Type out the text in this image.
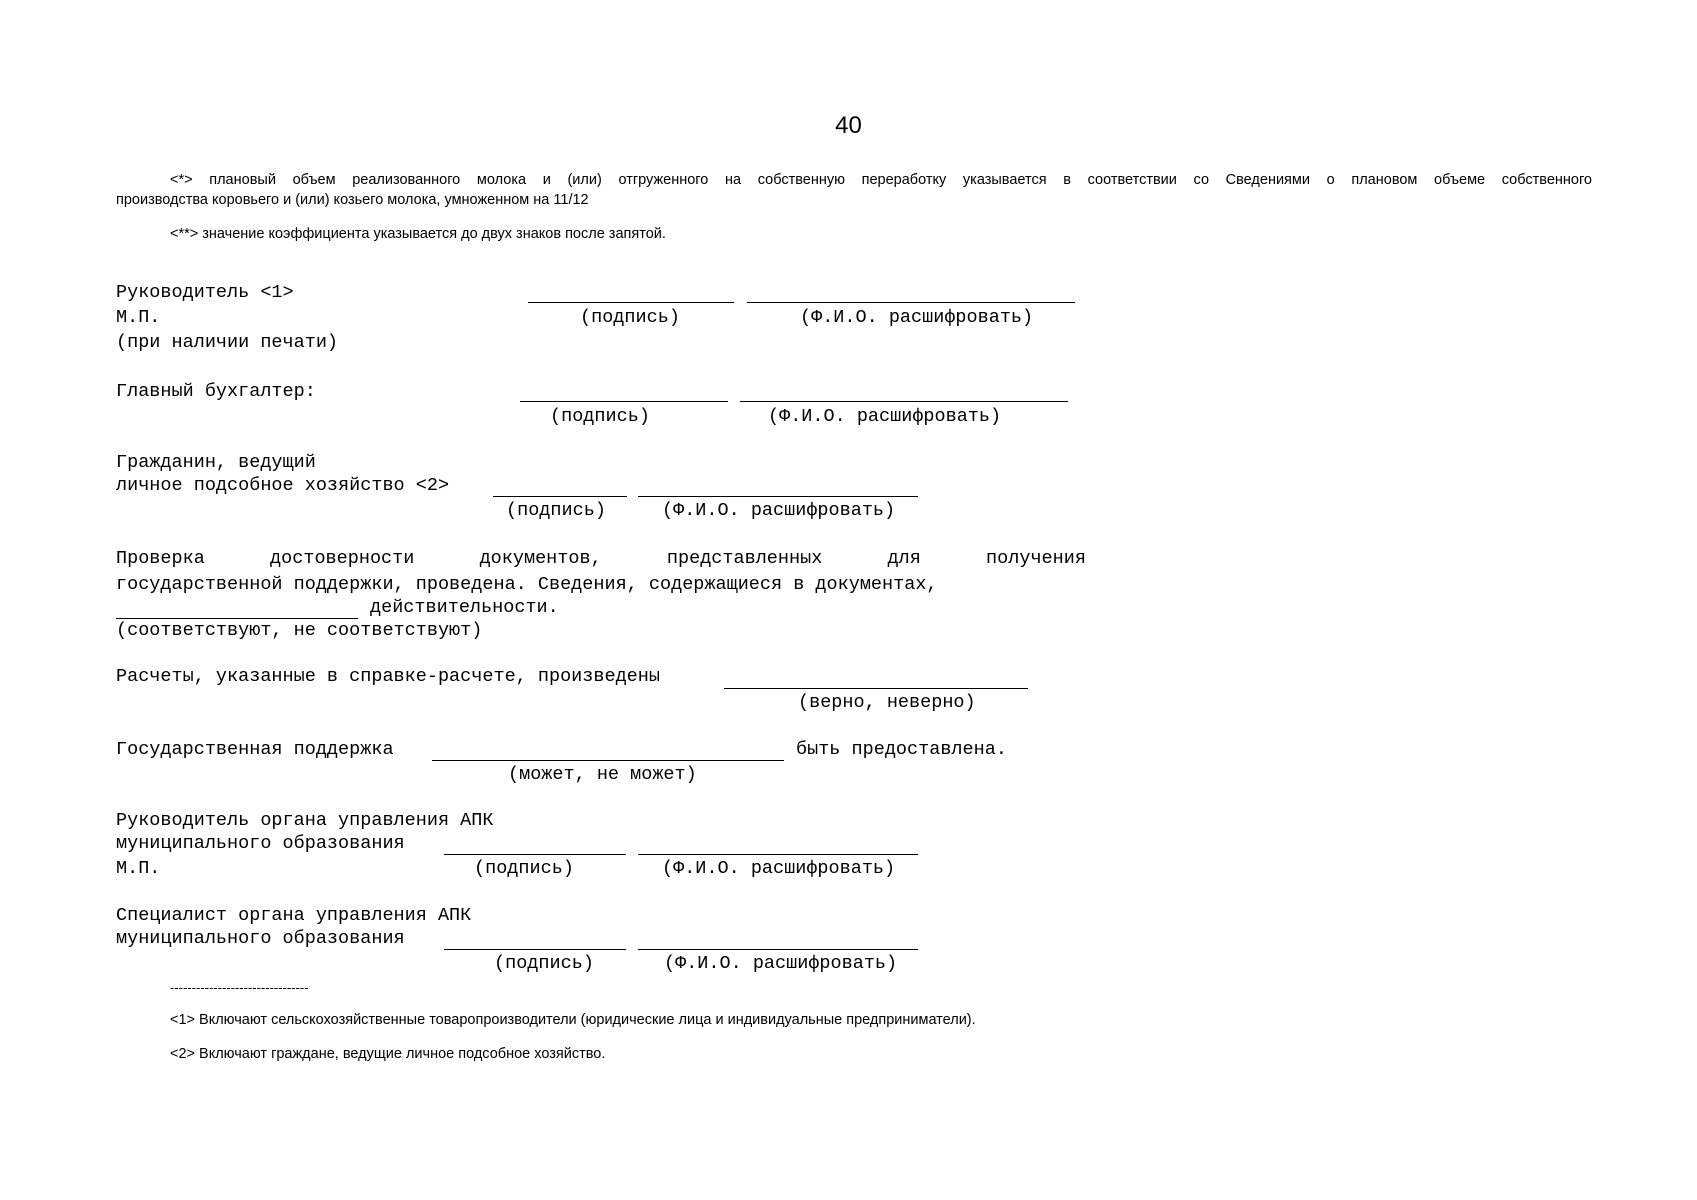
40
<*> плановый объем реализованного молока и (или) отгруженного на собственную переработку указывается в соответствии со Сведениями о плановом объеме собственного
производства коровьего и (или) козьего молока, умноженном на 11/12
<**> значение коэффициента указывается до двух знаков после запятой.
Руководитель <1>
М.П.	(подпись)	(Ф.И.О. расшифровать)
(при наличии печати)
Главный бухгалтер:
(подпись)	(Ф.И.О. расшифровать)
Гражданин, ведущий
личное подсобное хозяйство <2>
(подпись)	(Ф.И.О. расшифровать)
Проверка	достоверности	документов,	представленных	для	получения
государственной поддержки, проведена. Сведения, содержащиеся в документах,
действительности.
(соответствуют, не соответствуют)
Расчеты, указанные в справке-расчете, произведены
(верно, неверно)
Государственная поддержка	быть предоставлена.
(может, не может)
Руководитель органа управления АПК
муниципального образования
М.П.	(подпись)	(Ф.И.О. расшифровать)
Специалист органа управления АПК
муниципального образования
(подпись)	(Ф.И.О. расшифровать)
--------------------------------
<1> Включают сельскохозяйственные товаропроизводители (юридические лица и индивидуальные предприниматели).
<2> Включают граждане, ведущие личное подсобное хозяйство.
